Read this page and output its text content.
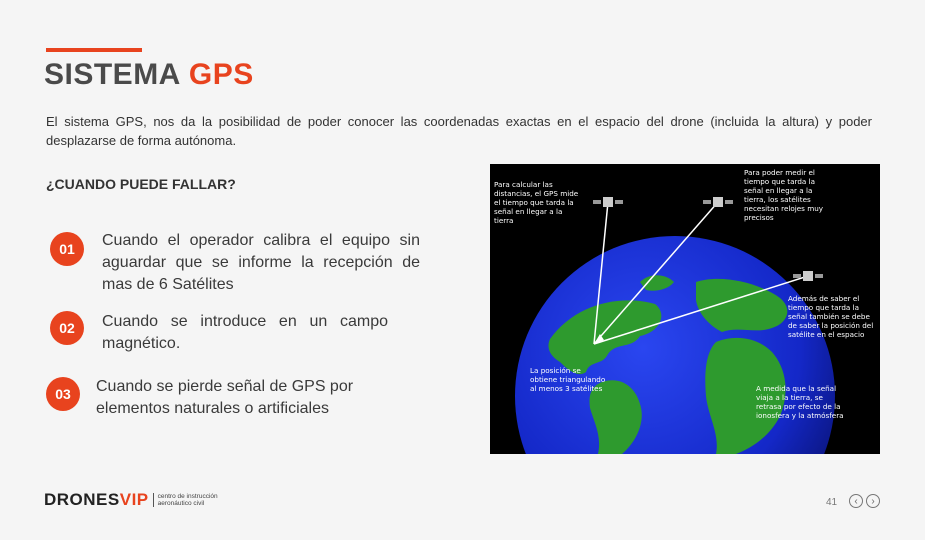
SISTEMA GPS
El sistema GPS, nos da la posibilidad de poder conocer las coordenadas exactas en el espacio del drone (incluida la altura) y poder desplazarse de forma autónoma.
¿CUANDO PUEDE FALLAR?
01	Cuando el operador calibra el equipo sin aguardar que se informe la recepción de mas de 6 Satélites
02	Cuando se introduce en un campo magnético.
03	Cuando se pierde señal de GPS por elementos naturales o artificiales
Para calcular las distancias, el GPS mide el tiempo que tarda la señal en llegar a la tierra
Para poder medir el tiempo que tarda la señal en llegar a la tierra, los satélites necesitan relojes muy precisos
Además de saber el tiempo que tarda la señal también se debe de saber la posición del satélite en el espacio
La posición se obtiene triangulando al menos 3 satélites	A medida que la señal viaja a la tierra, se retrasa por efecto de la ionosfera y la atmósfera
DRONESVIP	centro de instrucción aeronáutico civil	41	‹	›
